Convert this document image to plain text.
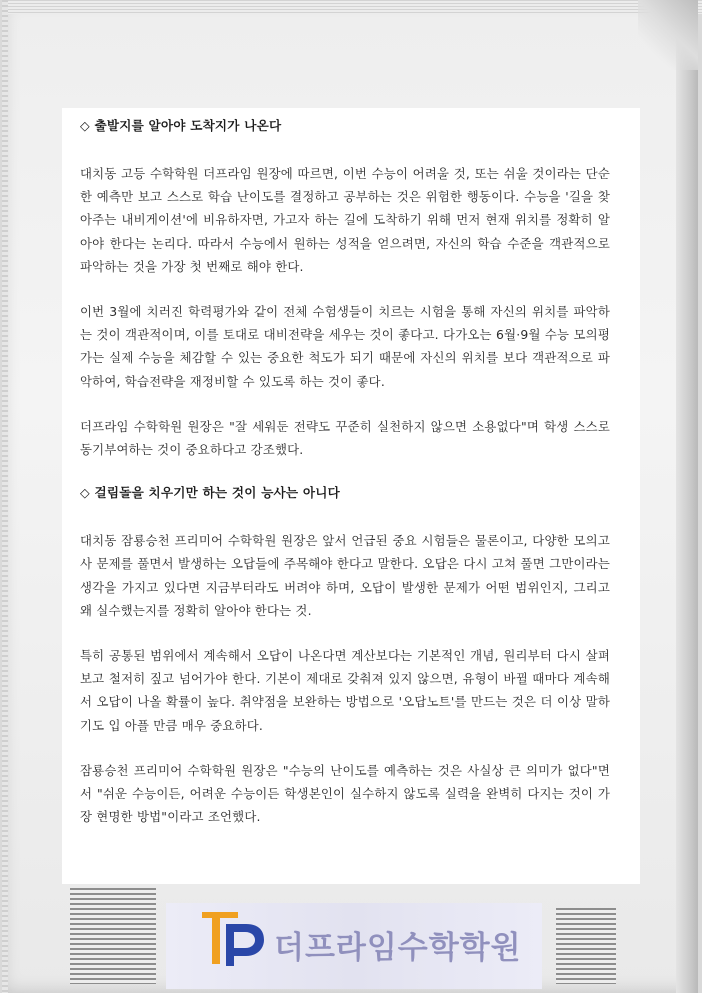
◇ 출발지를 알아야 도착지가 나온다

대치동 고등 수학학원 더프라임 원장에 따르면, 이번 수능이 어려울 것, 또는 쉬울 것이라는 단순한 예측만 보고 스스로 학습 난이도를 결정하고 공부하는 것은 위험한 행동이다. 수능을 '길을 찾아주는 내비게이션'에 비유하자면, 가고자 하는 길에 도착하기 위해 먼저 현재 위치를 정확히 알아야 한다는 논리다. 따라서 수능에서 원하는 성적을 얻으려면, 자신의 학습 수준을 객관적으로 파악하는 것을 가장 첫 번째로 해야 한다.

이번 3월에 치러진 학력평가와 같이 전체 수험생들이 치르는 시험을 통해 자신의 위치를 파악하는 것이 객관적이며, 이를 토대로 대비전략을 세우는 것이 좋다고. 다가오는 6월·9월 수능 모의평가는 실제 수능을 체감할 수 있는 중요한 척도가 되기 때문에 자신의 위치를 보다 객관적으로 파악하여, 학습전략을 재정비할 수 있도록 하는 것이 좋다.

더프라임 수학학원 원장은 "잘 세워둔 전략도 꾸준히 실천하지 않으면 소용없다"며 학생 스스로 동기부여하는 것이 중요하다고 강조했다.

◇ 걸림돌을 치우기만 하는 것이 능사는 아니다

대치동 잠룡승천 프리미어 수학학원 원장은 앞서 언급된 중요 시험들은 물론이고, 다양한 모의고사 문제를 풀면서 발생하는 오답들에 주목해야 한다고 말한다. 오답은 다시 고쳐 풀면 그만이라는 생각을 가지고 있다면 지금부터라도 버려야 하며, 오답이 발생한 문제가 어떤 범위인지, 그리고 왜 실수했는지를 정확히 알아야 한다는 것.

특히 공통된 범위에서 계속해서 오답이 나온다면 계산보다는 기본적인 개념, 원리부터 다시 살펴보고 철저히 짚고 넘어가야 한다. 기본이 제대로 갖춰져 있지 않으면, 유형이 바뀔 때마다 계속해서 오답이 나올 확률이 높다. 취약점을 보완하는 방법으로 '오답노트'를 만드는 것은 더 이상 말하기도 입 아플 만큼 매우 중요하다.

잠룡승천 프리미어 수학학원 원장은 "수능의 난이도를 예측하는 것은 사실상 큰 의미가 없다"면서 "쉬운 수능이든, 어려운 수능이든 학생본인이 실수하지 않도록 실력을 완벽히 다지는 것이 가장 현명한 방법"이라고 조언했다.

더프라임수학학원
